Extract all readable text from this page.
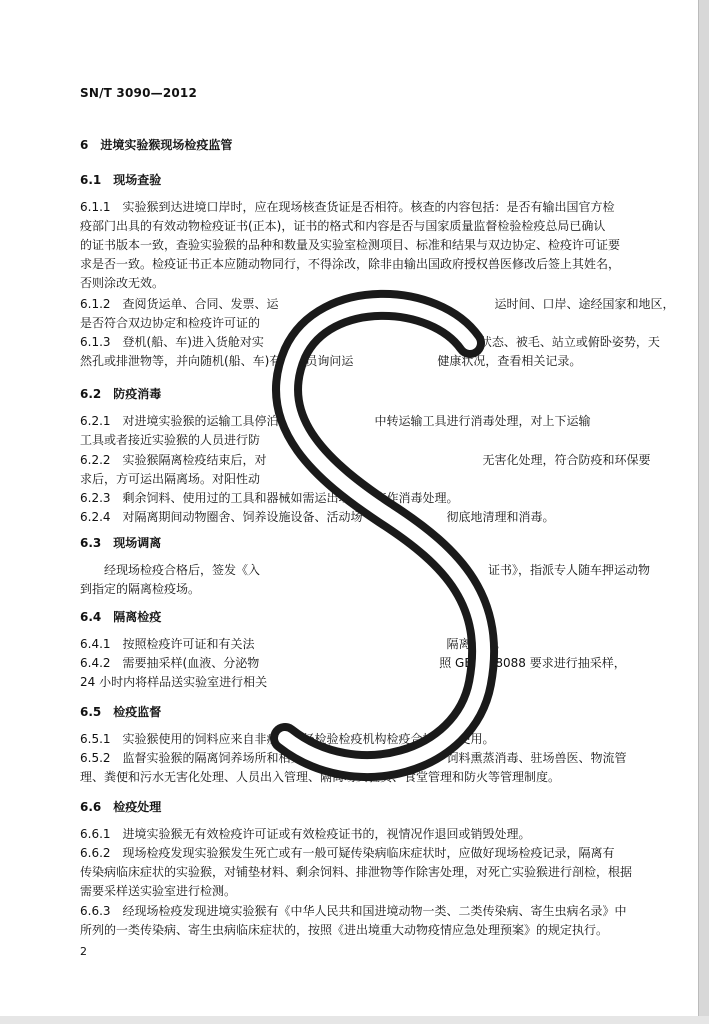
SN/T 3090—2012
6　进境实验猴现场检疫监管
6.1　现场查验
6.1.1　实验猴到达进境口岸时，应在现场核查货证是否相符。核查的内容包括：是否有输出国官方检
疫部门出具的有效动物检疫证书(正本)，证书的格式和内容是否与国家质量监督检验检疫总局已确认
的证书版本一致，查验实验猴的品种和数量及实验室检测项目、标准和结果与双边协定、检疫许可证要
求是否一致。检疫证书正本应随动物同行，不得涂改，除非由输出国政府授权兽医修改后签上其姓名，
否则涂改无效。
6.1.2　查阅货运单、合同、发票、运　　　　　　　　　　　　　　　　　　运时间、口岸、途经国家和地区，
是否符合双边协定和检疫许可证的
6.1.3　登机(船、车)进入货舱对实　　　　　　　　　　　　　　　　　　状态、被毛、站立或俯卧姿势，天
然孔或排泄物等，并向随机(船、车)有关人员询问运　　　　　　　健康状况，查看相关记录。
6.2　防疫消毒
6.2.1　对进境实验猴的运输工具停泊　　　　　　　　中转运输工具进行消毒处理，对上下运输
工具或者接近实验猴的人员进行防
6.2.2　实验猴隔离检疫结束后，对　　　　　　　　　　　　　　　　　　无害化处理，符合防疫和环保要
求后，方可运出隔离场。对阳性动
6.2.3　剩余饲料、使用过的工具和器械如需运出场外，应作消毒处理。
6.2.4　对隔离期间动物圈舍、饲养设施设备、活动场　　　　　　　彻底地清理和消毒。
6.3　现场调离
经现场检疫合格后，签发《入　　　　　　　　　　　　　　　　　　　证书》，指派专人随车押运动物
到指定的隔离检疫场。
6.4　隔离检疫
6.4.1　按照检疫许可证和有关法　　　　　　　　　　　　　　　　隔离检疫。
6.4.2　需要抽采样(血液、分泌物　　　　　　　　　　　　　　　照 GB/T 18088 要求进行抽采样，
24 小时内将样品送实验室进行相关
6.5　检疫监督
6.5.1　实验猴使用的饲料应来自非疫区，经检验检疫机构检疫合格方可使用。
6.5.2　监督实验猴的隔离饲养场所和相关人员，落实有关防疫消毒、饲料熏蒸消毒、驻场兽医、物流管
理、粪便和污水无害化处理、人员出入管理、隔离场实验员、食堂管理和防火等管理制度。
6.6　检疫处理
6.6.1　进境实验猴无有效检疫许可证或有效检疫证书的，视情况作退回或销毁处理。
6.6.2　现场检疫发现实验猴发生死亡或有一般可疑传染病临床症状时，应做好现场检疫记录，隔离有
传染病临床症状的实验猴，对铺垫材料、剩余饲料、排泄物等作除害处理，对死亡实验猴进行剖检，根据
需要采样送实验室进行检测。
6.6.3　经现场检疫发现进境实验猴有《中华人民共和国进境动物一类、二类传染病、寄生虫病名录》中
所列的一类传染病、寄生虫病临床症状的，按照《进出境重大动物疫情应急处理预案》的规定执行。
2
